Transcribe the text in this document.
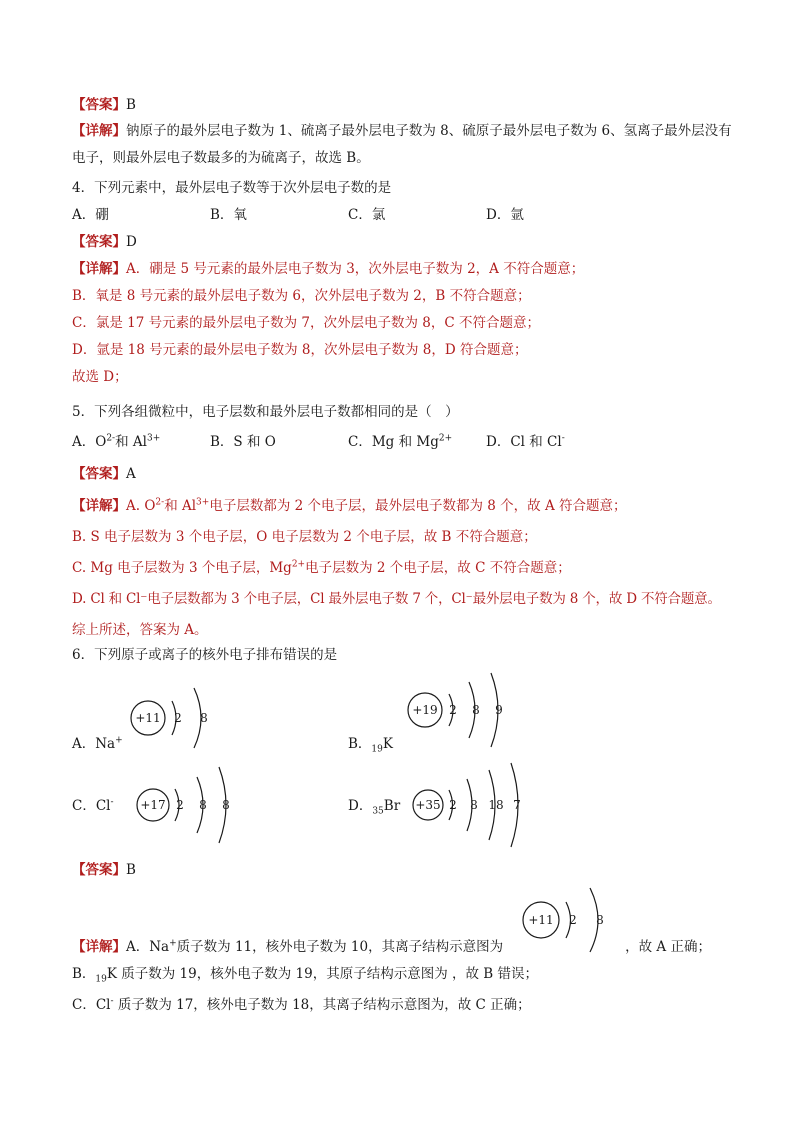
【答案】B
【详解】钠原子的最外层电子数为 1、硫离子最外层电子数为 8、硫原子最外层电子数为 6、氢离子最外层没有电子，则最外层电子数最多的为硫离子，故选 B。
4．下列元素中，最外层电子数等于次外层电子数的是
A．硼	B．氧	C．氯	D．氩
【答案】D
【详解】A．硼是 5 号元素的最外层电子数为 3，次外层电子数为 2，A 不符合题意；
B．氧是 8 号元素的最外层电子数为 6，次外层电子数为 2，B 不符合题意；
C．氯是 17 号元素的最外层电子数为 7，次外层电子数为 8，C 不符合题意；
D．氩是 18 号元素的最外层电子数为 8，次外层电子数为 8，D 符合题意；
故选 D；
5．下列各组微粒中，电子层数和最外层电子数都相同的是（　）
A．$O^{2-}$和 $Al^{3+}$	B．S 和 O	C．Mg 和 $Mg^{2+}$	D．Cl 和 Cl-
【答案】A
【详解】A. $O^{2-}$和 $Al^{3+}$电子层数都为 2 个电子层，最外层电子数都为 8 个，故 A 符合题意；
B. S 电子层数为 3 个电子层，O 电子层数为 2 个电子层，故 B 不符合题意；
C. Mg 电子层数为 3 个电子层，$Mg^{2+}$电子层数为 2 个电子层，故 C 不符合题意；
D. Cl 和 Cl⁻电子层数都为 3 个电子层，Cl 最外层电子数 7 个，Cl⁻最外层电子数为 8 个，故 D 不符合题意。
综上所述，答案为 A。
6．下列原子或离子的核外电子排布错误的是
+11 2 8
A．Na+
+19 2 8 9
B．$_{19}$K
+17 2 8 8
C．Cl-	+35 2 8 18 7
D．$_{35}$Br
【答案】B
+11 2 8
【详解】A．Na+质子数为 11，核外电子数为 10，其离子结构示意图为	，故 A 正确；
B．$_{19}$K 质子数为 19，核外电子数为 19，其原子结构示意图为 ，故 B 错误；
C．Cl- 质子数为 17，核外电子数为 18，其离子结构示意图为，故 C 正确；
